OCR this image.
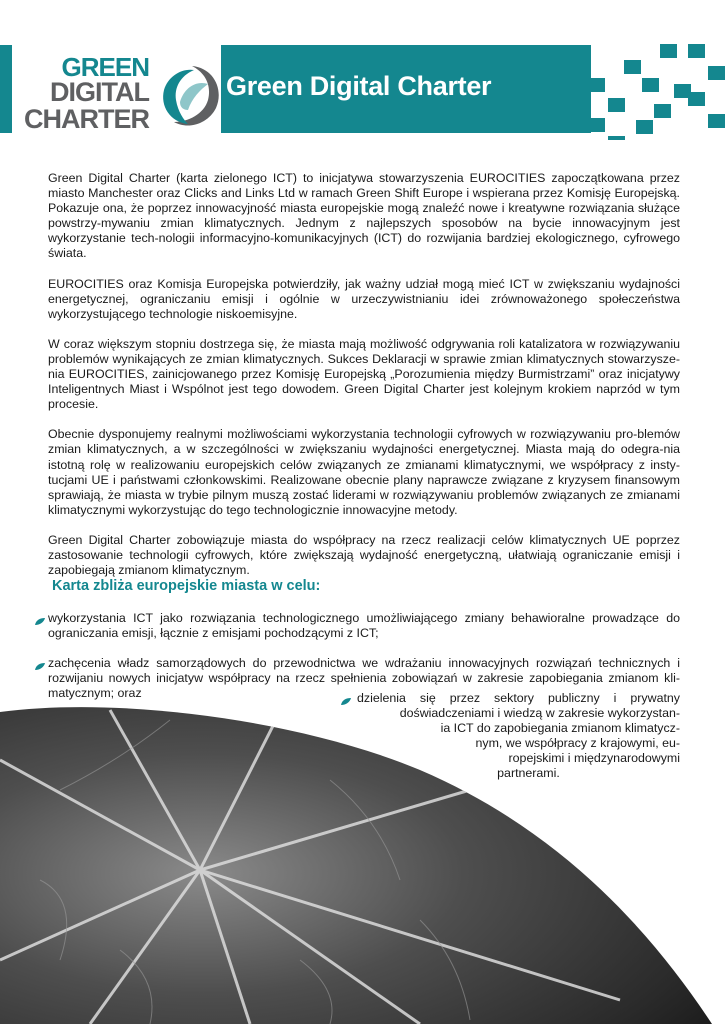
GREEN
DIGITAL
CHARTER
Green Digital Charter

Green Digital Charter (karta zielonego ICT) to inicjatywa stowarzyszenia EUROCITIES zapoczątkowana przez miasto Manchester oraz Clicks and Links Ltd w ramach Green Shift Europe i wspierana przez Komisję Europejską. Pokazuje ona, że poprzez innowacyjność miasta europejskie mogą znaleźć nowe i kreatywne rozwiązania służące powstrzy-mywaniu zmian klimatycznych. Jednym z najlepszych sposobów na bycie innowacyjnym jest wykorzystanie tech-nologii informacyjno-komunikacyjnych (ICT) do rozwijania bardziej ekologicznego, cyfrowego świata.

EUROCITIES oraz Komisja Europejska potwierdziły, jak ważny udział mogą mieć ICT w zwiększaniu wydajności energetycznej, ograniczaniu emisji i ogólnie w urzeczywistnianiu idei zrównoważonego społeczeństwa wykorzystującego technologie niskoemisyjne.

W coraz większym stopniu dostrzega się, że miasta mają możliwość odgrywania roli katalizatora w rozwiązywaniu problemów wynikających ze zmian klimatycznych. Sukces Deklaracji w sprawie zmian klimatycznych stowarzysze-nia EUROCITIES, zainicjowanego przez Komisję Europejską „Porozumienia między Burmistrzami” oraz inicjatywy Inteligentnych Miast i Wspólnot jest tego dowodem. Green Digital Charter jest kolejnym krokiem naprzód w tym procesie.

Obecnie dysponujemy realnymi możliwościami wykorzystania technologii cyfrowych w rozwiązywaniu pro-blemów zmian klimatycznych, a w szczególności w zwiększaniu wydajności energetycznej. Miasta mają do odegra-nia istotną rolę w realizowaniu europejskich celów związanych ze zmianami klimatycznymi, we współpracy z insty-tucjami UE i państwami członkowskimi. Realizowane obecnie plany naprawcze związane z kryzysem finansowym sprawiają, że miasta w trybie pilnym muszą zostać liderami w rozwiązywaniu problemów związanych ze zmianami klimatycznymi wykorzystując do tego technologicznie innowacyjne metody.

Green Digital Charter zobowiązuje miasta do współpracy na rzecz realizacji celów klimatycznych UE poprzez zastosowanie technologii cyfrowych, które zwiększają wydajność energetyczną, ułatwiają ograniczanie emisji i zapobiegają zmianom klimatycznym.

Karta zbliża europejskie miasta w celu:
wykorzystania ICT jako rozwiązania technologicznego umożliwiającego zmiany behawioralne prowadzące do ograniczania emisji, łącznie z emisjami pochodzącymi z ICT;
zachęcenia władz samorządowych do przewodnictwa we wdrażaniu innowacyjnych rozwiązań technicznych i rozwijaniu nowych inicjatyw współpracy na rzecz spełnienia zobowiązań w zakresie zapobiegania zmianom kli-matycznym; oraz	dzielenia się przez sektory publiczny i prywatny
doświadczeniami i wiedzą w zakresie wykorzystan-
ia ICT do zapobiegania zmianom klimatycz-
nym, we współpracy z krajowymi, eu-
ropejskimi i międzynarodowymi
partnerami.
